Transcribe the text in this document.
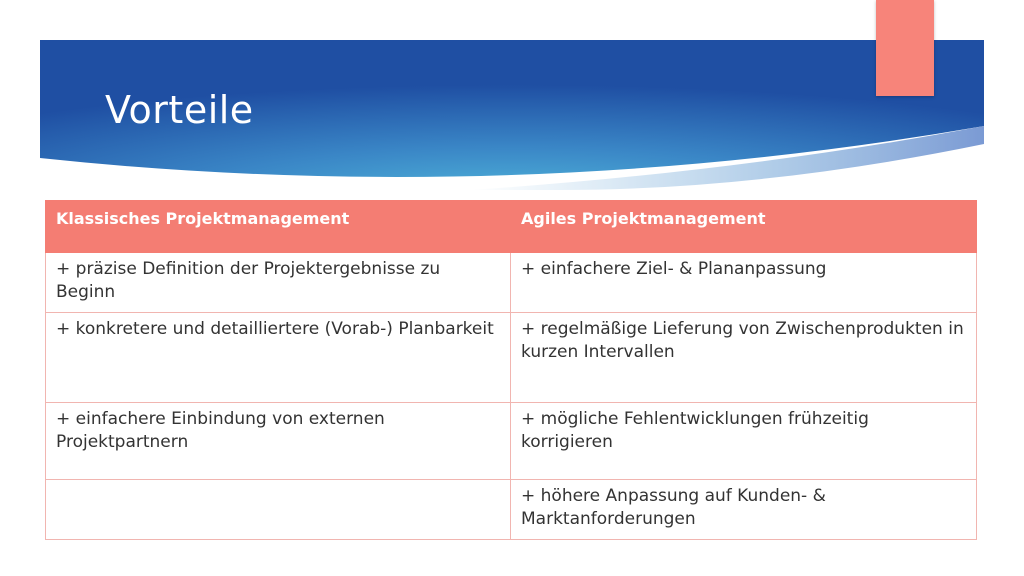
Vorteile
Klassisches Projektmanagement	Agiles Projektmanagement
+ präzise Definition der Projektergebnisse zu Beginn	+ einfachere Ziel- & Plananpassung
+ konkretere und detailliertere (Vorab-) Planbarkeit	+ regelmäßige Lieferung von Zwischenprodukten in kurzen Intervallen
+ einfachere Einbindung von externen Projektpartnern	+ mögliche Fehlentwicklungen frühzeitig korrigieren
	+ höhere Anpassung auf Kunden- & Marktanforderungen
